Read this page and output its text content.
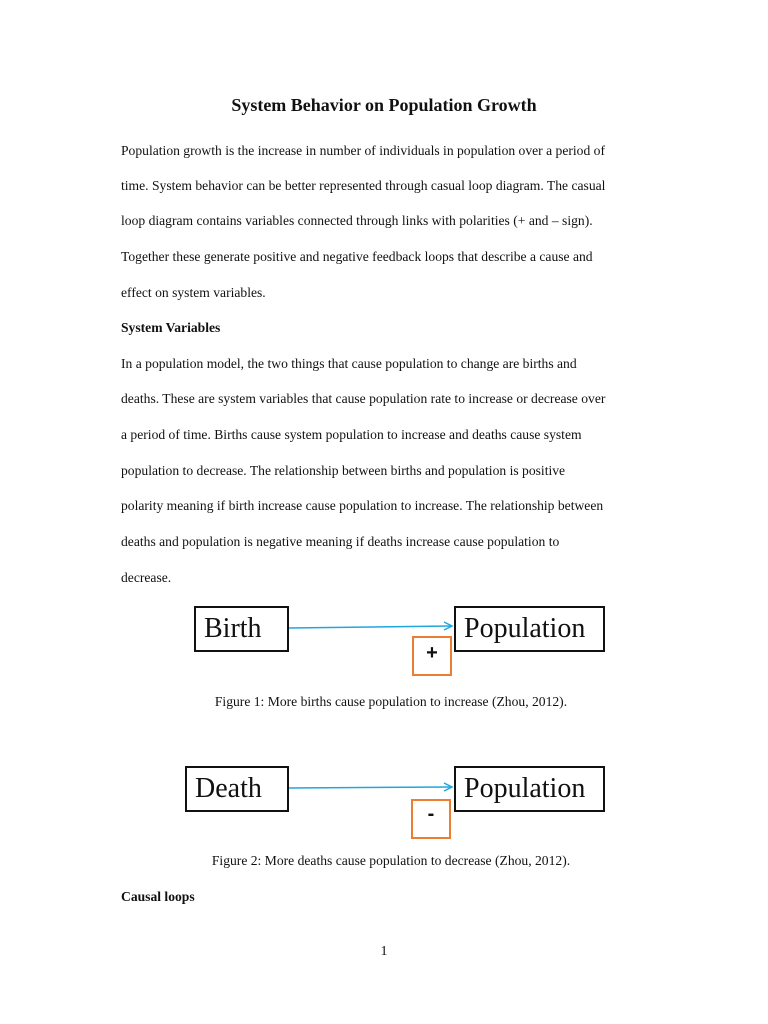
System Behavior on Population Growth
Population growth is the increase in number of individuals in population over a period of
time. System behavior can be better represented through casual loop diagram. The casual
loop diagram contains variables connected through links with polarities (+ and – sign).
Together these generate positive and negative feedback loops that describe a cause and
effect on system variables.
System Variables
In a population model, the two things that cause population to change are births and
deaths. These are system variables that cause population rate to increase or decrease over
a period of time. Births cause system population to increase and deaths cause system
population to decrease. The relationship between births and population is positive
polarity meaning if birth increase cause population to increase. The relationship between
deaths and population is negative meaning if deaths increase cause population to
decrease.
Birth	Population
+
Figure 1: More births cause population to increase (Zhou, 2012).
Death	Population
-
Figure 2: More deaths cause population to decrease (Zhou, 2012).
Causal loops
1
